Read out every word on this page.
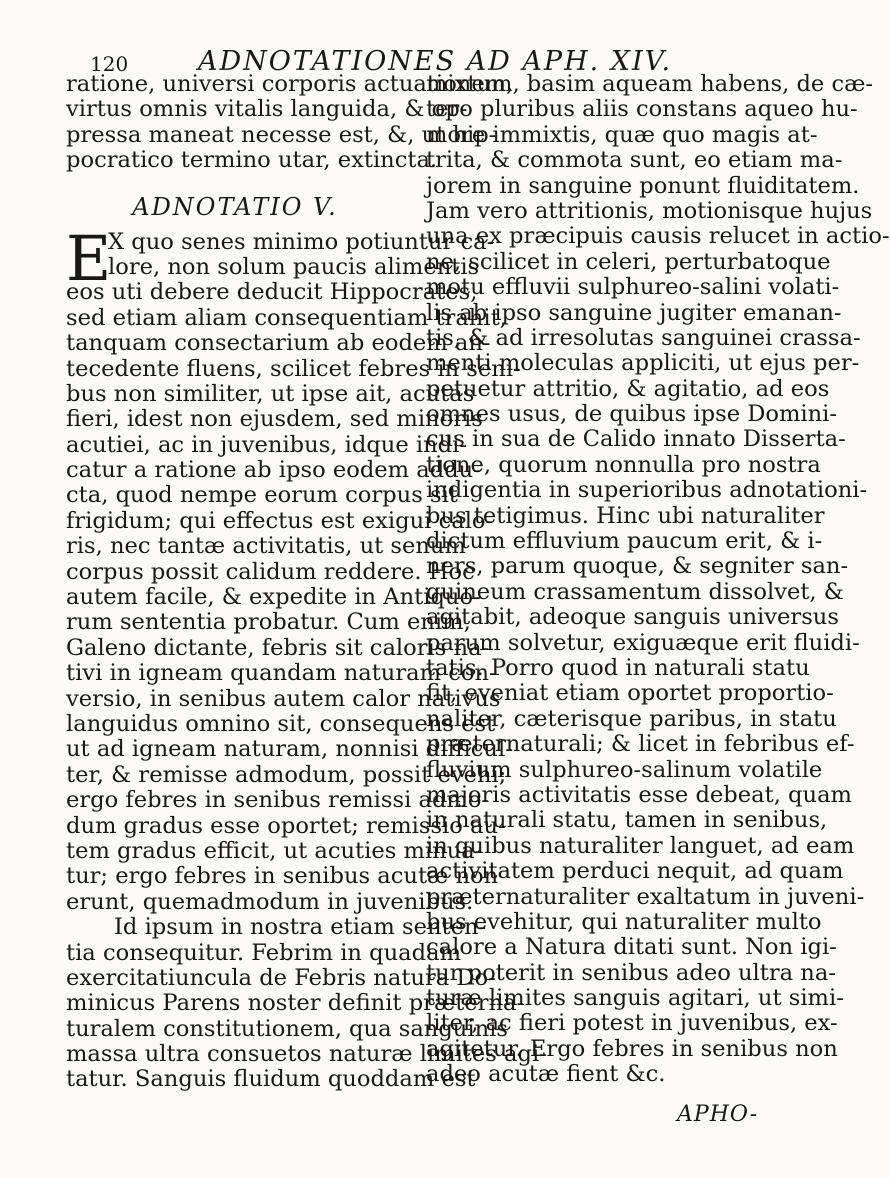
120	ADNOTATIONES AD APH. XIV.
ratione, universi corporis actuationem,
virtus omnis vitalis languida, & op-
pressa maneat necesse est, &, ut hip-
pocratico termino utar, extincta.
ADNOTATIO V.
E
X quo senes minimo potiuntur ca-
lore, non solum paucis alimentis
eos uti debere deducit Hippocrates,
sed etiam aliam consequentiam trahit,
tanquam consectarium ab eodem an-
tecedente fluens, scilicet febres in seni-
bus non similiter, ut ipse ait, acutas
fieri, idest non ejusdem, sed minoris
acutiei, ac in juvenibus, idque indi-
catur a ratione ab ipso eodem addu-
cta, quod nempe eorum corpus sit
frigidum; qui effectus est exigui calo-
ris, nec tantæ activitatis, ut senum
corpus possit calidum reddere. Hoc
autem facile, & expedite in Antiquo-
rum sententia probatur. Cum enim,
Galeno dictante, febris sit caloris na-
tivi in igneam quandam naturam con-
versio, in senibus autem calor nativus
languidus omnino sit, consequens est
ut ad igneam naturam, nonnisi difficul-
ter, & remisse admodum, possit evehi;
ergo febres in senibus remissi admo-
dum gradus esse oportet; remissio au-
tem gradus efficit, ut acuties minua-
tur; ergo febres in senibus acutæ non
erunt, quemadmodum in juvenibus.
Id ipsum in nostra etiam senten-
tia consequitur. Febrim in quadam
exercitatiuncula de Febris natura Do-
minicus Parens noster definit præterna-
turalem constitutionem, qua sanguinis
massa ultra consuetos naturæ limites agi-
tatur. Sanguis fluidum quoddam est
mixtum, basim aqueam habens, de cæ-
tero pluribus aliis constans aqueo hu-
more immixtis, quæ quo magis at-
trita, & commota sunt, eo etiam ma-
jorem in sanguine ponunt fluiditatem.
Jam vero attritionis, motionisque hujus
una ex præcipuis causis relucet in actio-
ne, scilicet in celeri, perturbatoque
motu effluvii sulphureo-salini volati-
lis ab ipso sanguine jugiter emanan-
tis, & ad irresolutas sanguinei crassa-
menti moleculas appliciti, ut ejus per-
petuetur attritio, & agitatio, ad eos
omnes usus, de quibus ipse Domini-
cus in sua de Calido innato Disserta-
tione, quorum nonnulla pro nostra
indigentia in superioribus adnotationi-
bus tetigimus. Hinc ubi naturaliter
dictum effluvium paucum erit, & i-
ners, parum quoque, & segniter san-
guineum crassamentum dissolvet, &
agitabit, adeoque sanguis universus
parum solvetur, exiguæque erit fluidi-
tatis. Porro quod in naturali statu
fit, eveniat etiam oportet proportio-
naliter, cæterisque paribus, in statu
præternaturali; & licet in febribus ef-
fluvium sulphureo-salinum volatile
majoris activitatis esse debeat, quam
in naturali statu, tamen in senibus,
in quibus naturaliter languet, ad eam
activitatem perduci nequit, ad quam
præternaturaliter exaltatum in juveni-
bus evehitur, qui naturaliter multo
calore a Natura ditati sunt. Non igi-
tur poterit in senibus adeo ultra na-
turæ limites sanguis agitari, ut simi-
liter, ac fieri potest in juvenibus, ex-
agitetur. Ergo febres in senibus non
adeo acutæ fient &c.
APHO-
